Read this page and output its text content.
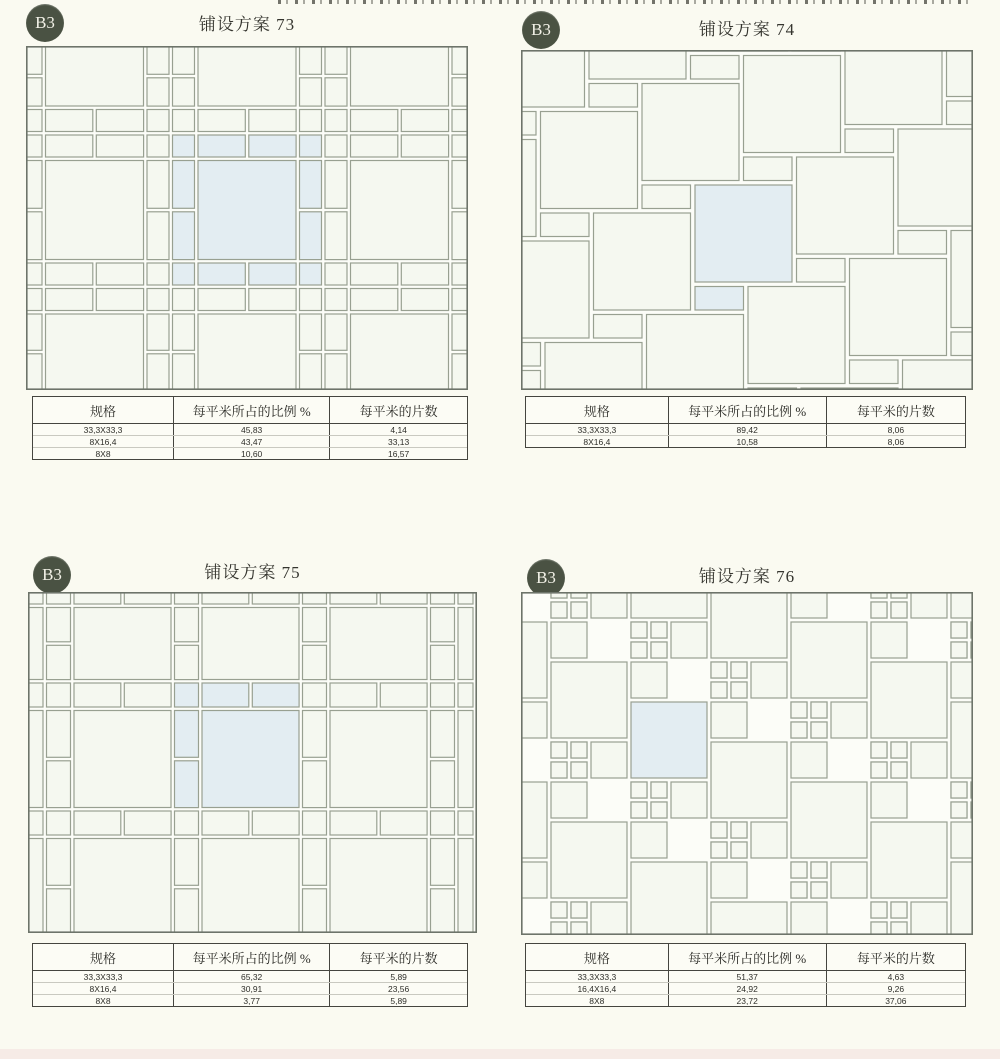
B3	铺设方案 73
规格	每平米所占的比例 %	每平米的片数
33,3X33,3	45,83	4,14
8X16,4	43,47	33,13
8X8	10,60	16,57
B3	铺设方案 74
规格	每平米所占的比例 %	每平米的片数
33,3X33,3	89,42	8,06
8X16,4	10,58	8,06
B3	铺设方案 75
规格	每平米所占的比例 %	每平米的片数
33,3X33,3	65,32	5,89
8X16,4	30,91	23,56
8X8	3,77	5,89
B3	铺设方案 76
规格	每平米所占的比例 %	每平米的片数
33,3X33,3	51,37	4,63
16,4X16,4	24,92	9,26
8X8	23,72	37,06
